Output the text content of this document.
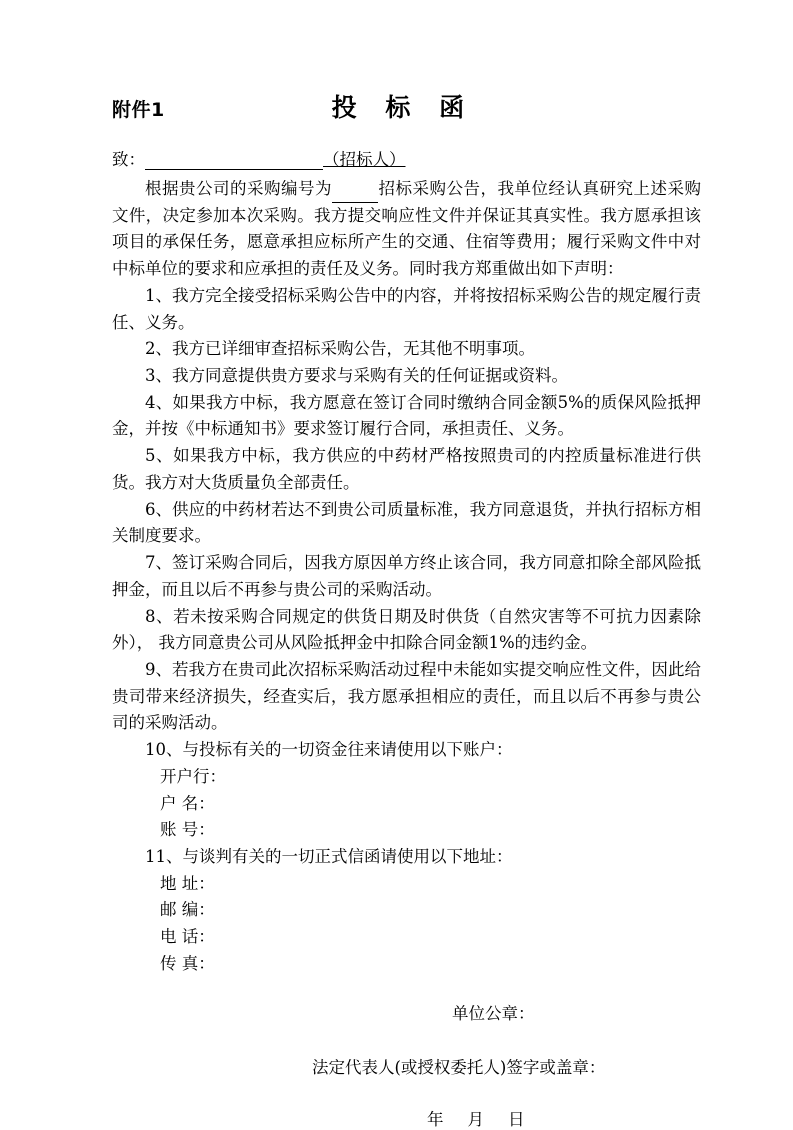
附件1	投 标 函
致：	（招标人）

根据贵公司的采购编号为	招标采购公告，我单位经认真研究上述采购文件，决定参加本次采购。我方提交响应性文件并保证其真实性。我方愿承担该项目的承保任务，愿意承担应标所产生的交通、住宿等费用；履行采购文件中对中标单位的要求和应承担的责任及义务。同时我方郑重做出如下声明：

1、我方完全接受招标采购公告中的内容，并将按招标采购公告的规定履行责任、义务。

2、我方已详细审查招标采购公告，无其他不明事项。

3、我方同意提供贵方要求与采购有关的任何证据或资料。

4、如果我方中标，我方愿意在签订合同时缴纳合同金额5%的质保风险抵押金，并按《中标通知书》要求签订履行合同，承担责任、义务。

5、如果我方中标，我方供应的中药材严格按照贵司的内控质量标准进行供货。我方对大货质量负全部责任。

6、供应的中药材若达不到贵公司质量标准，我方同意退货，并执行招标方相关制度要求。

7、签订采购合同后，因我方原因单方终止该合同，我方同意扣除全部风险抵押金，而且以后不再参与贵公司的采购活动。

8、若未按采购合同规定的供货日期及时供货（自然灾害等不可抗力因素除外）， 我方同意贵公司从风险抵押金中扣除合同金额1%的违约金。

9、若我方在贵司此次招标采购活动过程中未能如实提交响应性文件，因此给贵司带来经济损失，经查实后，我方愿承担相应的责任，而且以后不再参与贵公司的采购活动。

10、与投标有关的一切资金往来请使用以下账户：

开户行：
户 名：
账 号：

11、与谈判有关的一切正式信函请使用以下地址：

地 址：
邮 编：
电 话：
传 真：
单位公章：
法定代表人(或授权委托人)签字或盖章：
年 月 日
